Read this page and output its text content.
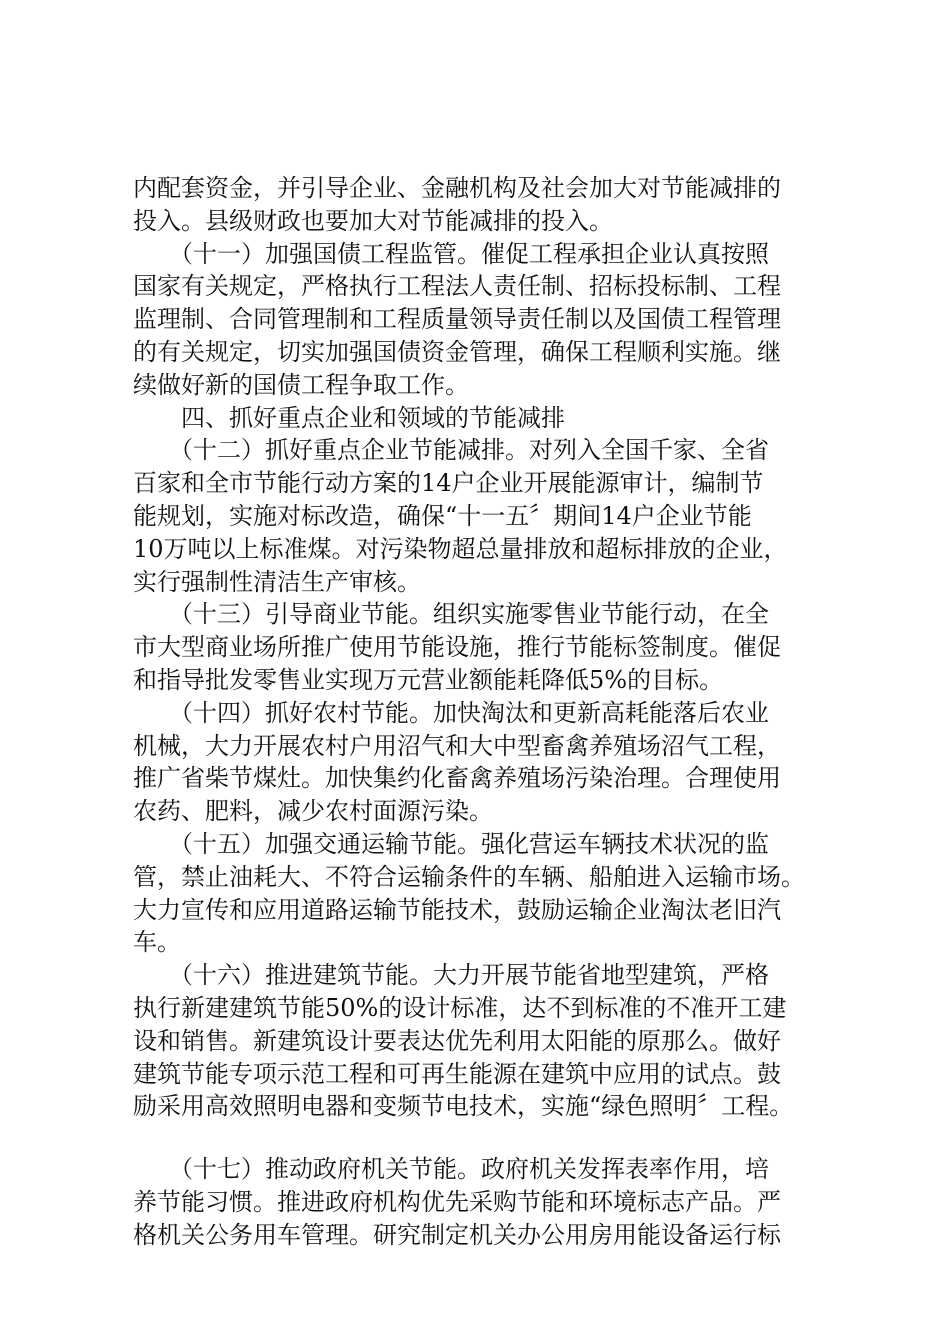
内配套资金，并引导企业、金融机构及社会加大对节能减排的
投入。县级财政也要加大对节能减排的投入。
　　（十一）加强国债工程监管。催促工程承担企业认真按照
国家有关规定，严格执行工程法人责任制、招标投标制、工程
监理制、合同管理制和工程质量领导责任制以及国债工程管理
的有关规定，切实加强国债资金管理，确保工程顺利实施。继
续做好新的国债工程争取工作。
　　四、抓好重点企业和领域的节能减排
　　（十二）抓好重点企业节能减排。对列入全国千家、全省
百家和全市节能行动方案的14户企业开展能源审计，编制节
能规划，实施对标改造，确保“十一五〞期间14户企业节能
10万吨以上标准煤。对污染物超总量排放和超标排放的企业，
实行强制性清洁生产审核。
　　（十三）引导商业节能。组织实施零售业节能行动，在全
市大型商业场所推广使用节能设施，推行节能标签制度。催促
和指导批发零售业实现万元营业额能耗降低5%的目标。
　　（十四）抓好农村节能。加快淘汰和更新高耗能落后农业
机械，大力开展农村户用沼气和大中型畜禽养殖场沼气工程，
推广省柴节煤灶。加快集约化畜禽养殖场污染治理。合理使用
农药、肥料，减少农村面源污染。
　　（十五）加强交通运输节能。强化营运车辆技术状况的监
管，禁止油耗大、不符合运输条件的车辆、船舶进入运输市场。
大力宣传和应用道路运输节能技术，鼓励运输企业淘汰老旧汽
车。
　　（十六）推进建筑节能。大力开展节能省地型建筑，严格
执行新建建筑节能50%的设计标准，达不到标准的不准开工建
设和销售。新建筑设计要表达优先利用太阳能的原那么。做好
建筑节能专项示范工程和可再生能源在建筑中应用的试点。鼓
励采用高效照明电器和变频节电技术，实施“绿色照明〞工程。
　　（十七）推动政府机关节能。政府机关发挥表率作用，培
养节能习惯。推进政府机构优先采购节能和环境标志产品。严
格机关公务用车管理。研究制定机关办公用房用能设备运行标
